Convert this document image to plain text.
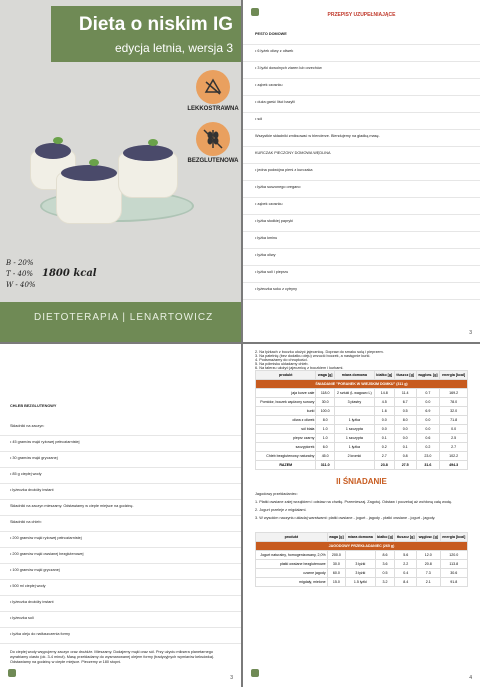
Dieta o niskim IG
edycja letnia, wersja 3
LEKKOSTRAWNA
BEZGLUTENOWA
B - 20%
T - 40%
W - 40%
1800 kcal
DIETOTERAPIA | LENARTOWICZ
PRZEPISY UZUPEŁNIAJĄCE
PESTO DOMOWE
• 6 łyżek oliwy z oliwek
• 3 łyżki dowolnych ziaren lub orzechów
• ząbek czosnku
• duża garść liści bazylii
• sól
Wszystkie składniki zmiksować w blenderze. Blendujemy na gładką masę.
KURCZAK PIECZONY DOMOWA WĘDLINA
• jedna podwójna pierś z kurczaka
• łyżka suszonego oregano
• ząbek czosnku
• łyżka słodkiej papryki
• łyżka kminu
• łyżka oliwy
• łyżka soli i pieprzu
• łyżeczka soku z cytryny
3
CHLEB BEZGLUTENOWY
Składniki na zaczyn:
• 45 gramów mąki ryżowej pełnoziarnistej
• 30 gramów mąki gryczanej
• 85 g ciepłej wody
• łyżeczka drożdży instant
Składniki na zaczyn mieszamy. Odstawiamy w ciepłe miejsce na godzinę.
Składniki na chleb:
• 200 gramów mąki ryżowej pełnoziarnistej
• 200 gramów mąki owsianej bezglutenowej
• 100 gramów mąki gryczanej
• 500 ml ciepłej wody
• łyżeczka drożdży instant
• łyżeczka soli
• łyżka oleju do natłuszczenia formy
Do ciepłej wody wsypujemy zaczyn oraz drożdże. Mieszamy. Dodajemy mąki oraz sól. Przy użyciu miksera planetarnego wyrabiamy ciasto (ok. 3-4 minut). Masę przekładamy do wysmarowanej olejem formy (tradycyjnych wymiarów keksówka). Odstawiamy na godzinę w ciepłe miejsce. Pieczemy w 180 stopni.
3
2. Na łyżkach z boczku ułożyć jajecznicę. Dopraw do smaku solą i pieprzem.
3. Na patelnię (bez dodatku oleju) wrzucić boczek, a następnie kurki.
4. Podsmażamy do chrupkości.
5. Na półmisku układamy chleb.
6. Na talerzu ułożyć jajecznicę z boczkiem i kurkami.
produkt	waga [g]	miara domowa	białko [g]	tłuszcz [g]	węglow. [g]	energia [kcal]
ŚNIADANIE "PORANEK W WIEJSKIM DOMKU" (311 g)						
jaja kurze całe	118.0	2 sztuki (L wagowo L)	14.8	11.4	0.7	169.2
Pomidor, boczek wędzony surowy	30.0	3 plastry	4.5	6.7	0.0	78.0
kurki	100.0		1.6	0.5	6.9	32.0
oliwa z oliwek	8.0	1 łyżka	0.0	8.0	0.0	71.8
sól biała	1.0	1 szczypta	0.0	0.0	0.0	0.0
pieprz czarny	1.0	1 szczypta	0.1	0.0	0.6	2.5
szczypiorek	6.0	1 łyżka	0.2	0.1	0.2	2.7
Chleb bezglutenowy naturalny	45.0	2 kromki	2.7	0.8	23.0	102.2
RAZEM	311.0		23.8	27.5	31.6	494.3
II ŚNIADANIE
Jagodowy przekładaniec:
1. Płatki owsiane zalej wrzątkiem i odstaw na chwilę. Przemieszaj. Zagotuj. Odstaw i poczekaj aż wchłoną całą wodę.
2. Jogurt przeleje z migdałami.
3. W wysokim naczyniu układaj warstwami: płatki owsiane - jogurt - jagody - płatki owsiane - jogurt - jagody.
produkt	waga [g]	miara domowa	białko [g]	tłuszcz [g]	węglow. [g]	energia [kcal]
JAGODOWY PRZEKŁADANIEC (265 g)						
Jogurt naturalny, homogenizowany, 2,0%	200.0		8.6	5.6	12.0	120.0
płatki owsiane bezglutenowe	30.0	3 łyżki	3.6	2.2	20.8	113.8
czarne jagody	60.0	3 łyżki	0.5	0.4	7.3	30.6
migdały, mielone	15.0	1.5 łyżki	3.2	8.4	2.1	91.8
4
